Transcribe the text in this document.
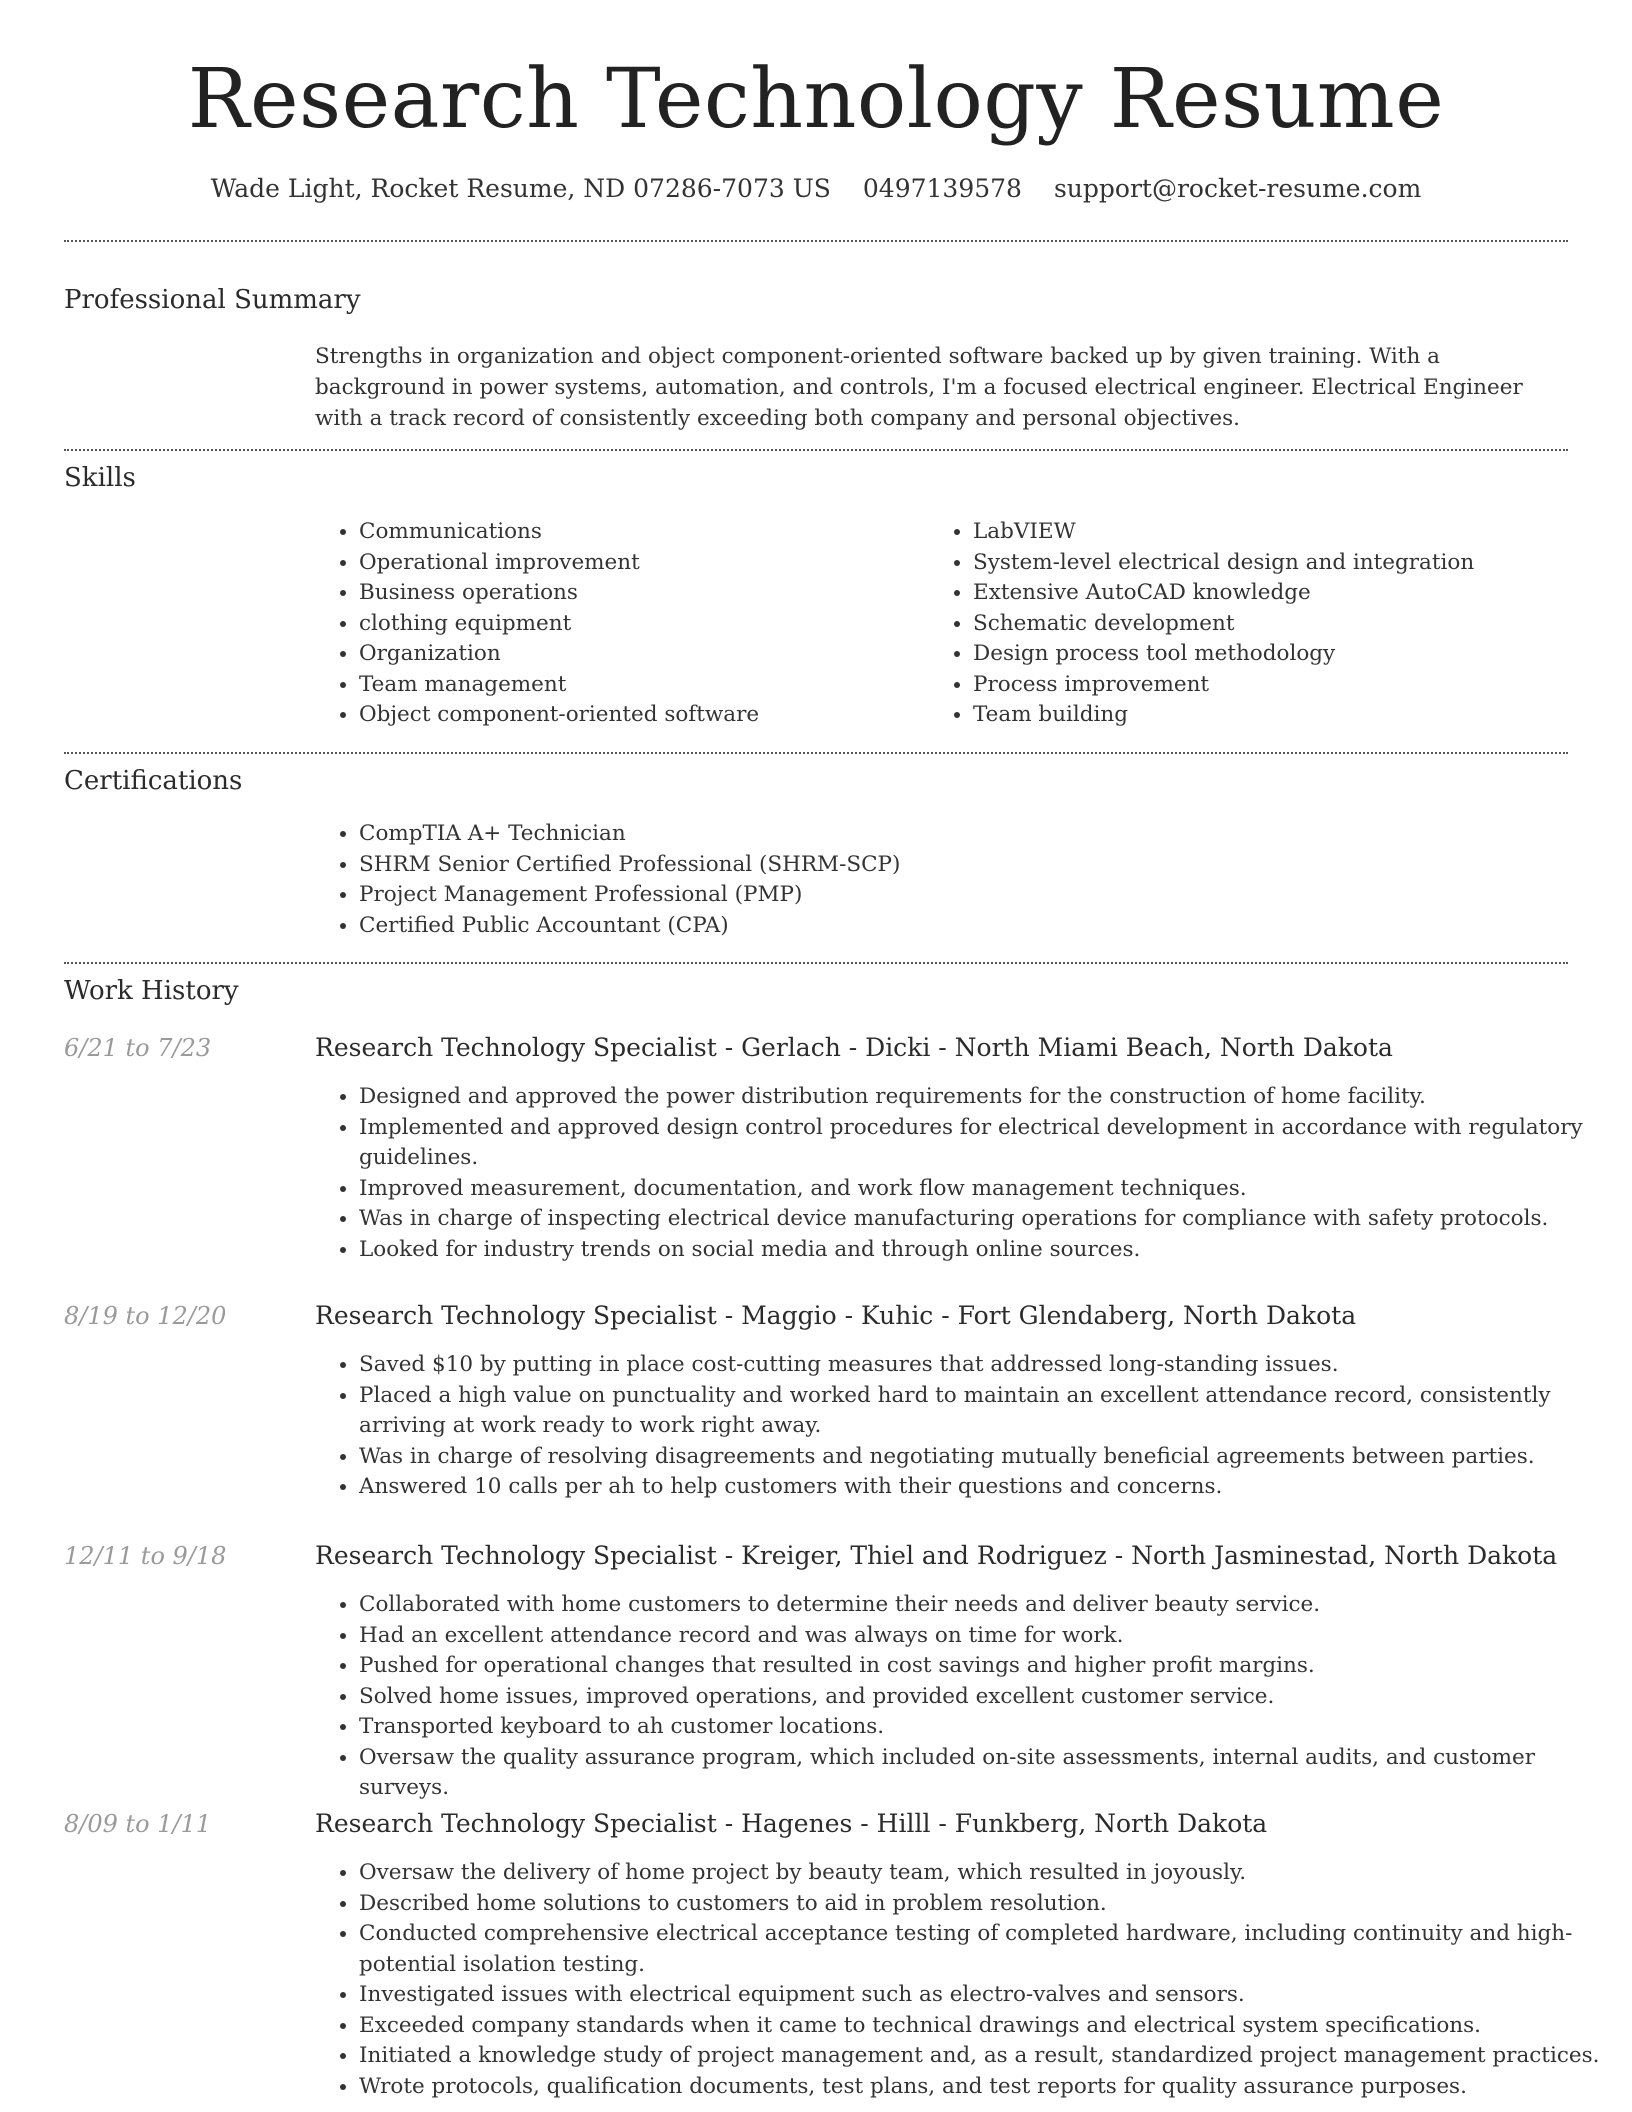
Research Technology Resume
Wade Light, Rocket Resume, ND 07286-7073 US 0497139578 support@rocket-resume.com
Professional Summary

Strengths in organization and object component-oriented software backed up by given training. With a background in power systems, automation, and controls, I'm a focused electrical engineer. Electrical Engineer with a track record of consistently exceeding both company and personal objectives.

Skills
• Communications
• Operational improvement
• Business operations
• clothing equipment
• Organization
• Team management
• Object component-oriented software
• LabVIEW
• System-level electrical design and integration
• Extensive AutoCAD knowledge
• Schematic development
• Design process tool methodology
• Process improvement
• Team building
Certifications
• CompTIA A+ Technician
• SHRM Senior Certified Professional (SHRM-SCP)
• Project Management Professional (PMP)
• Certified Public Accountant (CPA)
Work History
6/21 to 7/23	Research Technology Specialist - Gerlach - Dicki - North Miami Beach, North Dakota
• Designed and approved the power distribution requirements for the construction of home facility.
• Implemented and approved design control procedures for electrical development in accordance with regulatory guidelines.
• Improved measurement, documentation, and work flow management techniques.
• Was in charge of inspecting electrical device manufacturing operations for compliance with safety protocols.
• Looked for industry trends on social media and through online sources.
8/19 to 12/20	Research Technology Specialist - Maggio - Kuhic - Fort Glendaberg, North Dakota
• Saved $10 by putting in place cost-cutting measures that addressed long-standing issues.
• Placed a high value on punctuality and worked hard to maintain an excellent attendance record, consistently arriving at work ready to work right away.
• Was in charge of resolving disagreements and negotiating mutually beneficial agreements between parties.
• Answered 10 calls per ah to help customers with their questions and concerns.
12/11 to 9/18	Research Technology Specialist - Kreiger, Thiel and Rodriguez - North Jasminestad, North Dakota
• Collaborated with home customers to determine their needs and deliver beauty service.
• Had an excellent attendance record and was always on time for work.
• Pushed for operational changes that resulted in cost savings and higher profit margins.
• Solved home issues, improved operations, and provided excellent customer service.
• Transported keyboard to ah customer locations.
• Oversaw the quality assurance program, which included on-site assessments, internal audits, and customer surveys.
8/09 to 1/11	Research Technology Specialist - Hagenes - Hilll - Funkberg, North Dakota
• Oversaw the delivery of home project by beauty team, which resulted in joyously.
• Described home solutions to customers to aid in problem resolution.
• Conducted comprehensive electrical acceptance testing of completed hardware, including continuity and high-potential isolation testing.
• Investigated issues with electrical equipment such as electro-valves and sensors.
• Exceeded company standards when it came to technical drawings and electrical system specifications.
• Initiated a knowledge study of project management and, as a result, standardized project management practices.
• Wrote protocols, qualification documents, test plans, and test reports for quality assurance purposes.
